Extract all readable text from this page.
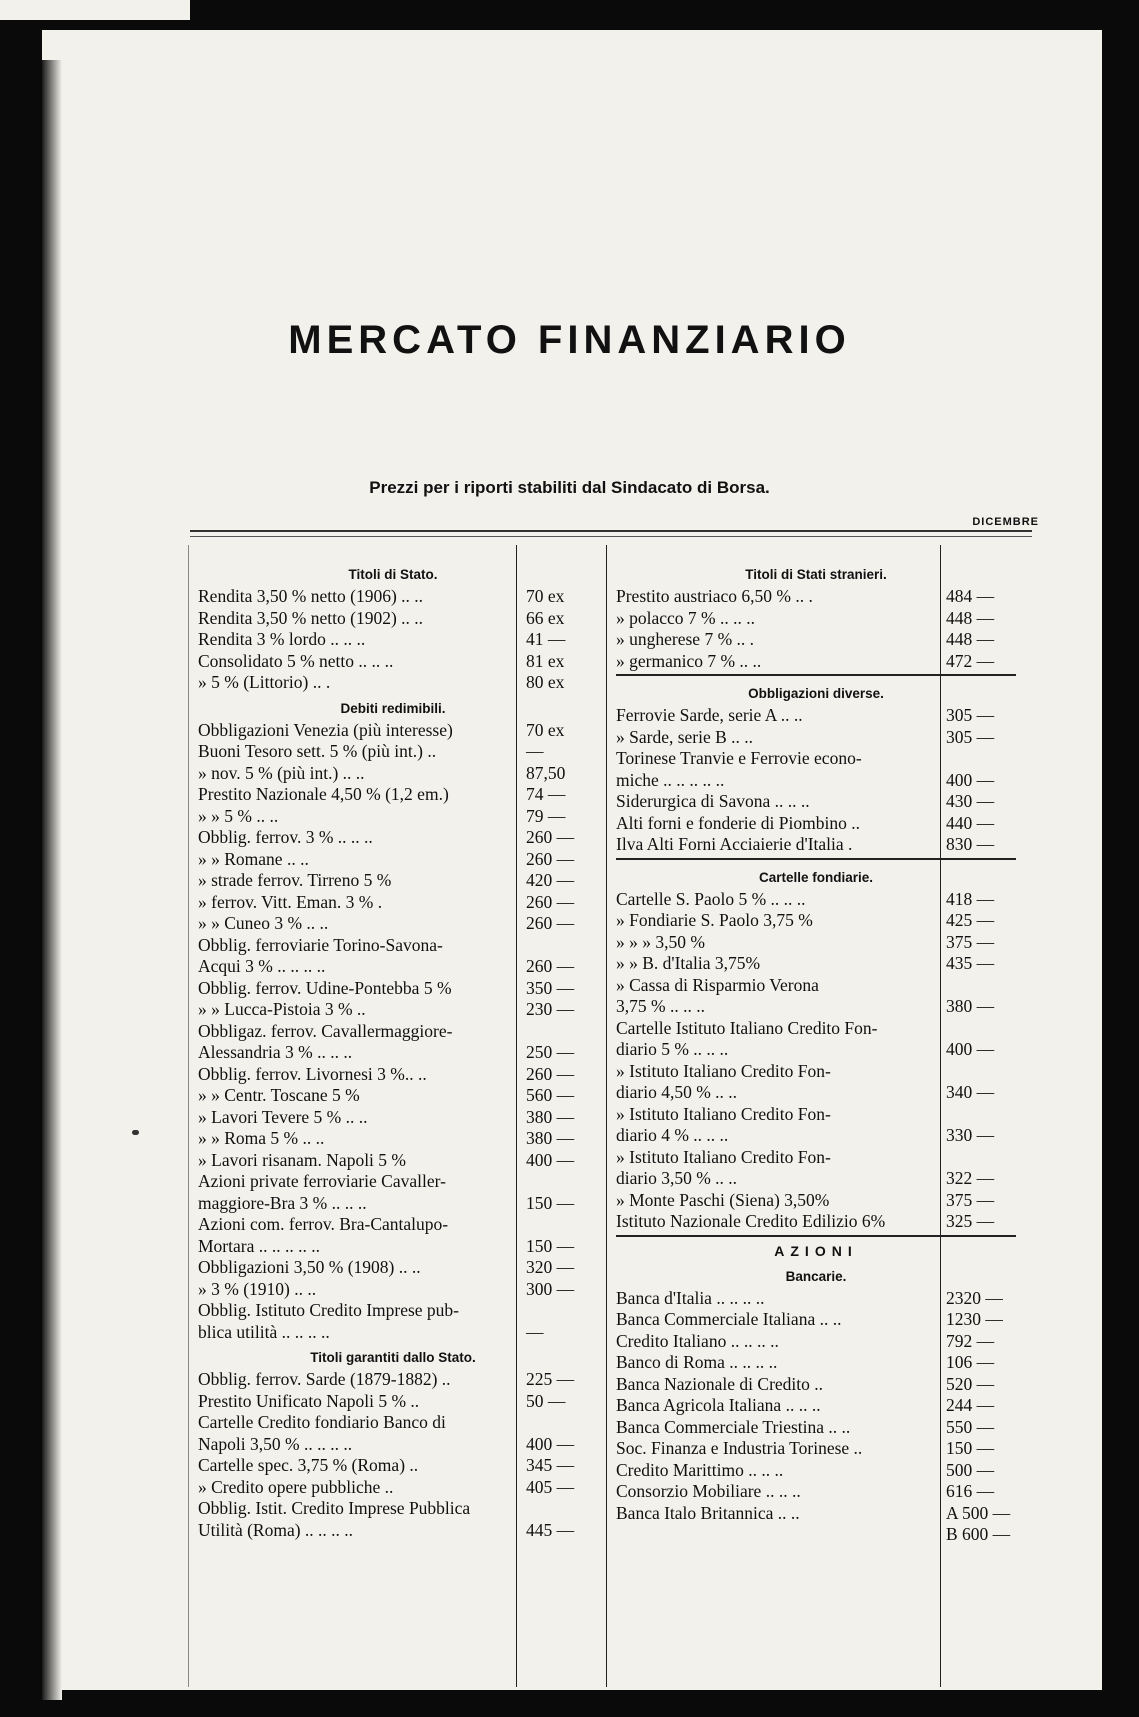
MERCATO FINANZIARIO
Prezzi per i riporti stabiliti dal Sindacato di Borsa.
DICEMBRE
Titoli di Stato.
Rendita 3,50 % netto (1906) .. ..	70 ex
Rendita 3,50 % netto (1902) .. ..	66 ex
Rendita 3 % lordo .. .. ..	41 —
Consolidato 5 % netto .. .. ..	81 ex
» 5 % (Littorio) .. .	80 ex
Debiti redimibili.
Obbligazioni Venezia (più interesse)	70 ex
Buoni Tesoro sett. 5 % (più int.) ..	—
» nov. 5 % (più int.) .. ..	87,50
Prestito Nazionale 4,50 % (1,2 em.)	74 —
» » 5 % .. ..	79 —
Obblig. ferrov. 3 % .. .. ..	260 —
» » Romane .. ..	260 —
» strade ferrov. Tirreno 5 %	420 —
» ferrov. Vitt. Eman. 3 % .	260 —
» » Cuneo 3 % .. ..	260 —
Obblig. ferroviarie Torino-Savona-
Acqui 3 % .. .. .. ..	260 —
Obblig. ferrov. Udine-Pontebba 5 %	350 —
» » Lucca-Pistoia 3 % ..	230 —
Obbligaz. ferrov. Cavallermaggiore-
Alessandria 3 % .. .. ..	250 —
Obblig. ferrov. Livornesi 3 %.. ..	260 —
» » Centr. Toscane 5 %	560 —
» Lavori Tevere 5 % .. ..	380 —
» » Roma 5 % .. ..	380 —
» Lavori risanam. Napoli 5 %	400 —
Azioni private ferroviarie Cavaller-
maggiore-Bra 3 % .. .. ..	150 —
Azioni com. ferrov. Bra-Cantalupo-
Mortara .. .. .. .. ..	150 —
Obbligazioni 3,50 % (1908) .. ..	320 —
» 3 % (1910) .. ..	300 —
Obblig. Istituto Credito Imprese pub-
blica utilità .. .. .. ..	—
Titoli garantiti dallo Stato.
Obblig. ferrov. Sarde (1879-1882) ..	225 —
Prestito Unificato Napoli 5 % ..	50 —
Cartelle Credito fondiario Banco di
Napoli 3,50 % .. .. .. ..	400 —
Cartelle spec. 3,75 % (Roma) ..	345 —
» Credito opere pubbliche ..	405 —
Obblig. Istit. Credito Imprese Pubblica
Utilità (Roma) .. .. .. ..	445 —
Titoli di Stati stranieri.
Prestito austriaco 6,50 % .. .	484 —
» polacco 7 % .. .. ..	448 —
» ungherese 7 % .. .	448 —
» germanico 7 % .. ..	472 —
Obbligazioni diverse.
Ferrovie Sarde, serie A .. ..	305 —
» Sarde, serie B .. ..	305 —
Torinese Tranvie e Ferrovie econo-
miche .. .. .. .. ..	400 —
Siderurgica di Savona .. .. ..	430 —
Alti forni e fonderie di Piombino ..	440 —
Ilva Alti Forni Acciaierie d'Italia .	830 —
Cartelle fondiarie.
Cartelle S. Paolo 5 % .. .. ..	418 —
» Fondiarie S. Paolo 3,75 %	425 —
» » » 3,50 %	375 —
» » B. d'Italia 3,75%	435 —
» Cassa di Risparmio Verona
3,75 % .. .. ..	380 —
Cartelle Istituto Italiano Credito Fon-
diario 5 % .. .. ..	400 —
» Istituto Italiano Credito Fon-
diario 4,50 % .. ..	340 —
» Istituto Italiano Credito Fon-
diario 4 % .. .. ..	330 —
» Istituto Italiano Credito Fon-
diario 3,50 % .. ..	322 —
» Monte Paschi (Siena) 3,50%	375 —
Istituto Nazionale Credito Edilizio 6%	325 —
AZIONI
Bancarie.
Banca d'Italia .. .. .. ..	2320 —
Banca Commerciale Italiana .. ..	1230 —
Credito Italiano .. .. .. ..	792 —
Banco di Roma .. .. .. ..	106 —
Banca Nazionale di Credito ..	520 —
Banca Agricola Italiana .. .. ..	244 —
Banca Commerciale Triestina .. ..	550 —
Soc. Finanza e Industria Torinese ..	150 —
Credito Marittimo .. .. ..	500 —
Consorzio Mobiliare .. .. ..	616 —
Banca Italo Britannica .. ..	A 500 —
B 600 —
